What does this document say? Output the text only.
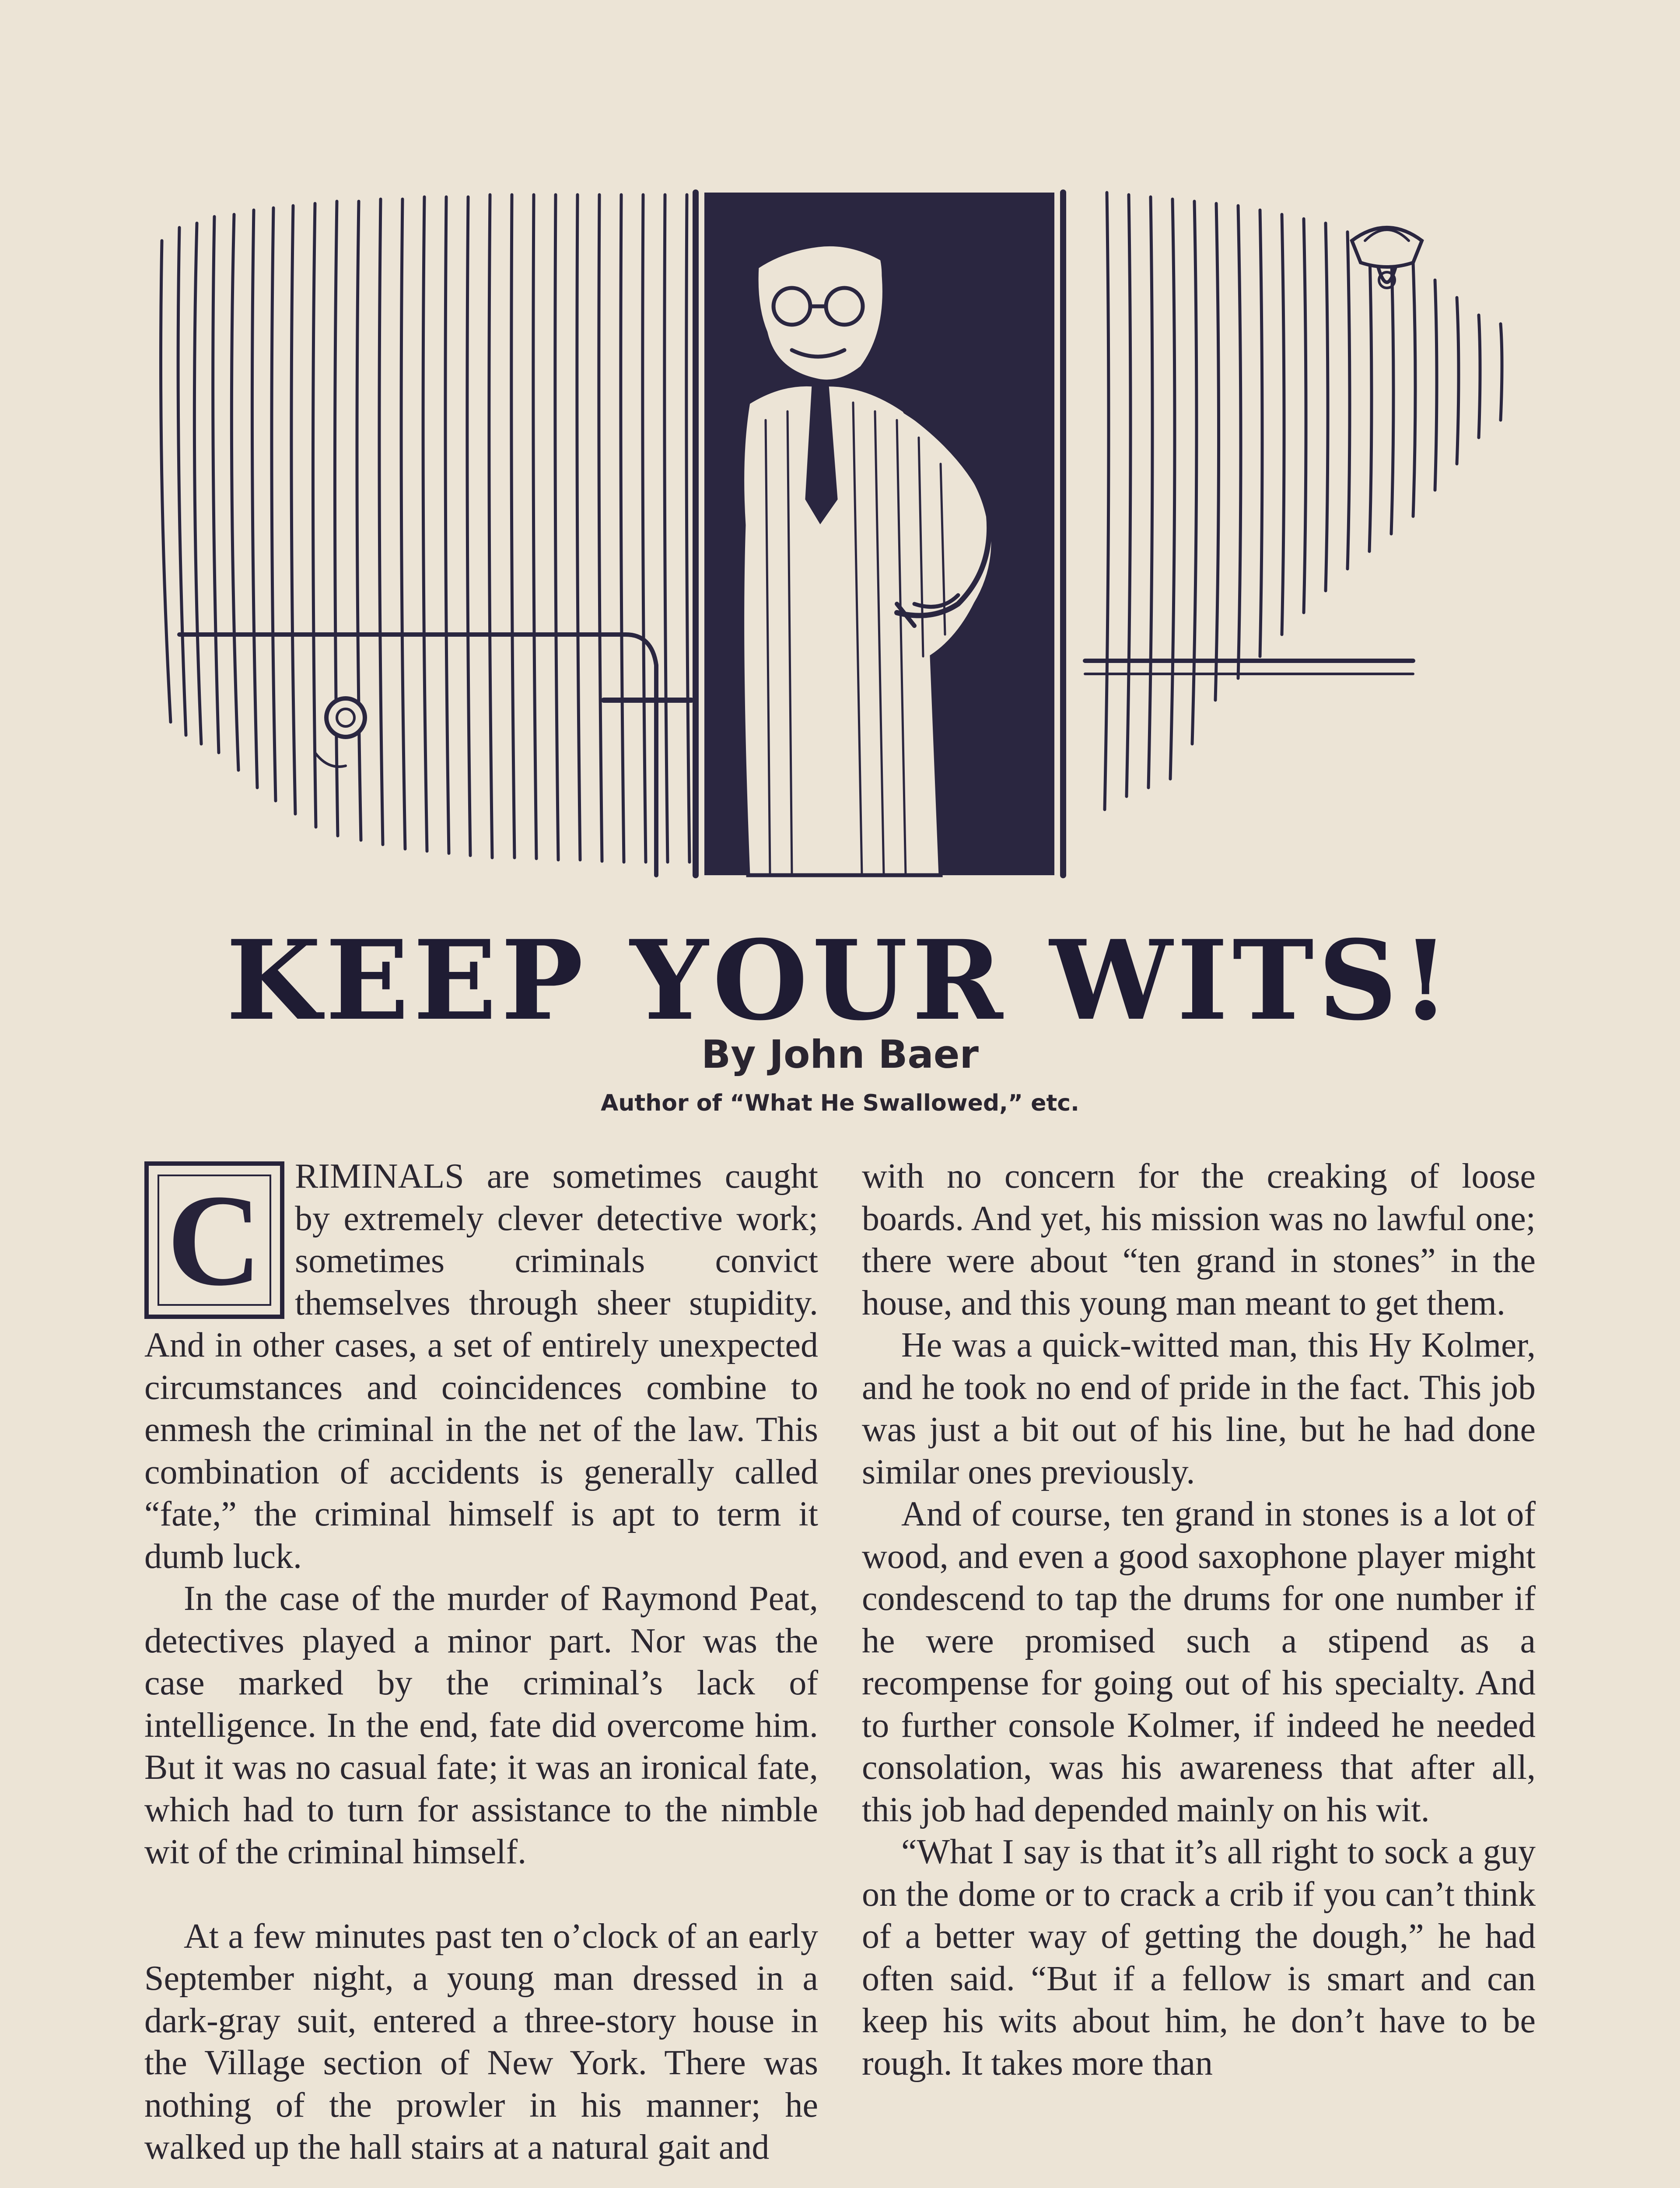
KEEP YOUR WITS!
By John Baer
Author of “What He Swallowed,” etc.
C RIMINALS are sometimes caught by extremely clever detective work; sometimes criminals convict themselves through sheer stupidity. And in other cases, a set of entirely unexpected circumstances and coincidences combine to enmesh the criminal in the net of the law. This combination of accidents is generally called “fate,” the criminal himself is apt to term it dumb luck.

In the case of the murder of Raymond Peat, detectives played a minor part. Nor was the case marked by the criminal’s lack of intelligence. In the end, fate did overcome him. But it was no casual fate; it was an ironical fate, which had to turn for assistance to the nimble wit of the criminal himself.

At a few minutes past ten o’clock of an early September night, a young man dressed in a dark-gray suit, entered a three-story house in the Village section of New York. There was nothing of the prowler in his manner; he walked up the hall stairs at a natural gait and

with no concern for the creaking of loose boards. And yet, his mission was no lawful one; there were about “ten grand in stones” in the house, and this young man meant to get them.

He was a quick-witted man, this Hy Kolmer, and he took no end of pride in the fact. This job was just a bit out of his line, but he had done similar ones previously.

And of course, ten grand in stones is a lot of wood, and even a good saxophone player might condescend to tap the drums for one number if he were promised such a stipend as a recompense for going out of his specialty. And to further console Kolmer, if indeed he needed consolation, was his awareness that after all, this job had depended mainly on his wit.

“What I say is that it’s all right to sock a guy on the dome or to crack a crib if you can’t think of a better way of getting the dough,” he had often said. “But if a fellow is smart and can keep his wits about him, he don’t have to be rough. It takes more than
